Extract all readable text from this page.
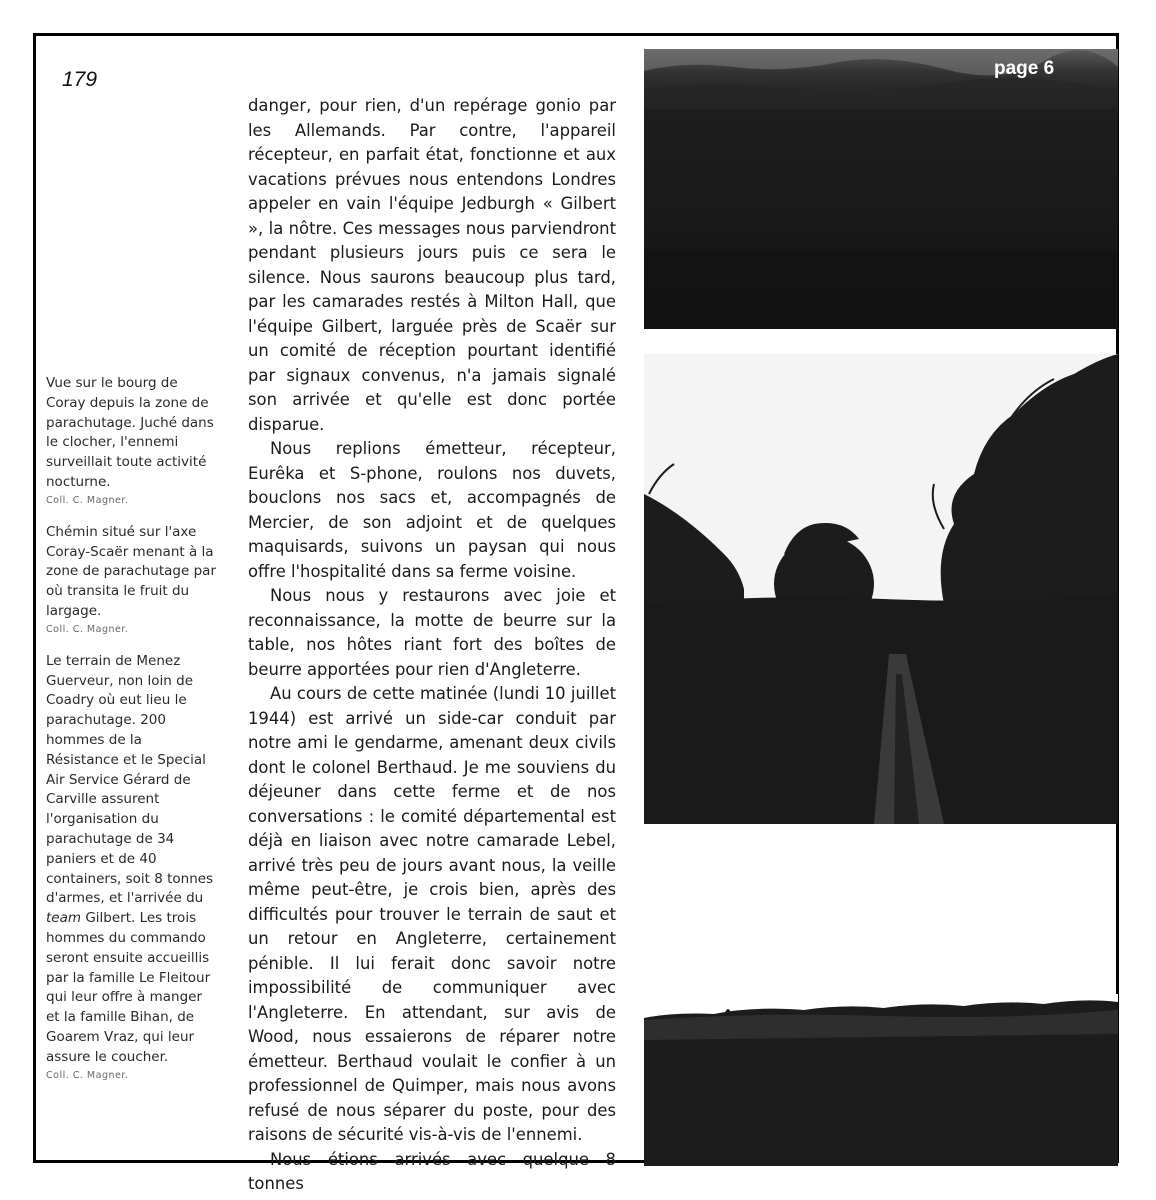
179

Vue sur le bourg de Coray depuis la zone de parachutage. Juché dans le clocher, l'ennemi surveillait toute activité nocturne.
Coll. C. Magner.

Chémin situé sur l'axe Coray-Scaër menant à la zone de parachutage par où transita le fruit du largage.
Coll. C. Magner.

Le terrain de Menez Guerveur, non loin de Coadry où eut lieu le parachutage. 200 hommes de la Résistance et le Special Air Service Gérard de Carville assurent l'organisation du parachutage de 34 paniers et de 40 containers, soit 8 tonnes d'armes, et l'arrivée du team Gilbert. Les trois hommes du commando seront ensuite accueillis par la famille Le Fleitour qui leur offre à manger et la famille Bihan, de Goarem Vraz, qui leur assure le coucher.
Coll. C. Magner.

danger, pour rien, d'un repérage gonio par les Allemands. Par contre, l'appareil récepteur, en parfait état, fonctionne et aux vacations prévues nous entendons Londres appeler en vain l'équipe Jedburgh « Gilbert », la nôtre. Ces messages nous parviendront pendant plusieurs jours puis ce sera le silence. Nous saurons beaucoup plus tard, par les camarades restés à Milton Hall, que l'équipe Gilbert, larguée près de Scaër sur un comité de réception pourtant identifié par signaux convenus, n'a jamais signalé son arrivée et qu'elle est donc portée disparue.

Nous replions émetteur, récepteur, Eurêka et S-phone, roulons nos duvets, bouclons nos sacs et, accompagnés de Mercier, de son adjoint et de quelques maquisards, suivons un paysan qui nous offre l'hospitalité dans sa ferme voisine.

Nous nous y restaurons avec joie et reconnaissance, la motte de beurre sur la table, nos hôtes riant fort des boîtes de beurre apportées pour rien d'Angleterre.

Au cours de cette matinée (lundi 10 juillet 1944) est arrivé un side-car conduit par notre ami le gendarme, amenant deux civils dont le colonel Berthaud. Je me souviens du déjeuner dans cette ferme et de nos conversations : le comité départemental est déjà en liaison avec notre camarade Lebel, arrivé très peu de jours avant nous, la veille même peut-être, je crois bien, après des difficultés pour trouver le terrain de saut et un retour en Angleterre, certainement pénible. Il lui ferait donc savoir notre impossibilité de communiquer avec l'Angleterre. En attendant, sur avis de Wood, nous essaierons de réparer notre émetteur. Berthaud voulait le confier à un professionnel de Quimper, mais nous avons refusé de nous séparer du poste, pour des raisons de sécurité vis-à-vis de l'ennemi.

Nous étions arrivés avec quelque 8 tonnes

page 6
